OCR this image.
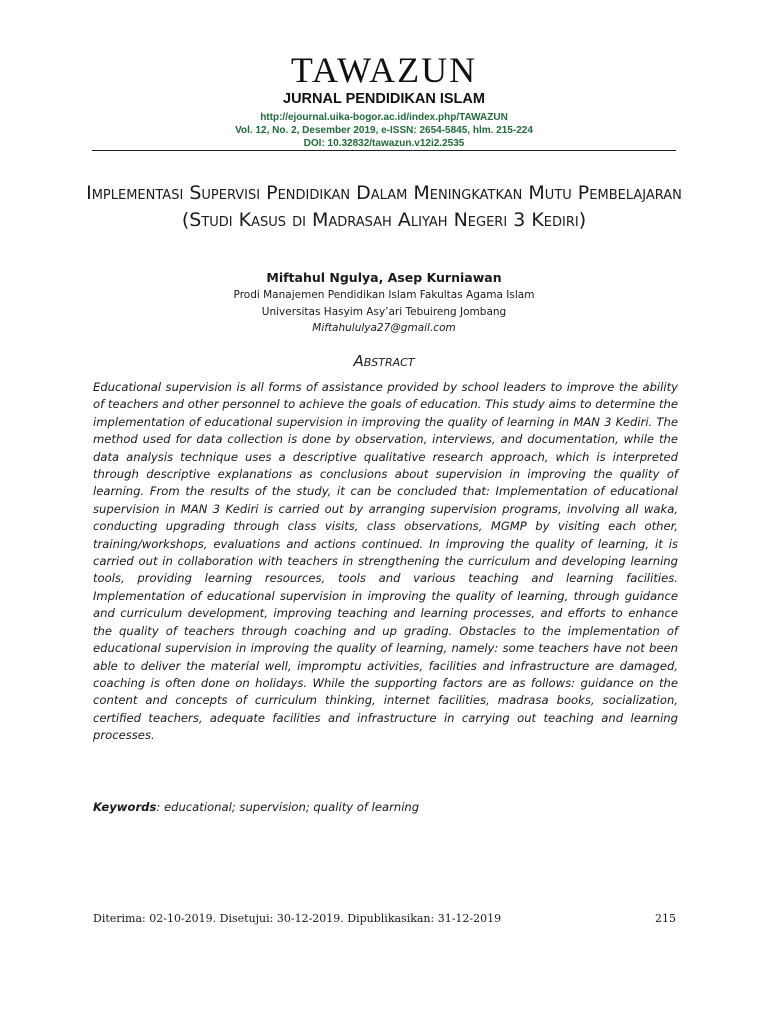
TAWAZUN
JURNAL PENDIDIKAN ISLAM
http://ejournal.uika-bogor.ac.id/index.php/TAWAZUN
Vol. 12, No. 2, Desember 2019, e-ISSN: 2654-5845, hlm. 215-224
DOI: 10.32832/tawazun.v12i2.2535
Implementasi Supervisi Pendidikan Dalam Meningkatkan Mutu Pembelajaran (Studi Kasus di Madrasah Aliyah Negeri 3 Kediri)
Miftahul Ngulya, Asep Kurniawan
Prodi Manajemen Pendidikan Islam Fakultas Agama Islam
Universitas Hasyim Asy’ari Tebuireng Jombang
Miftahululya27@gmail.com
Abstract
Educational supervision is all forms of assistance provided by school leaders to improve the ability of teachers and other personnel to achieve the goals of education. This study aims to determine the implementation of educational supervision in improving the quality of learning in MAN 3 Kediri. The method used for data collection is done by observation, interviews, and documentation, while the data analysis technique uses a descriptive qualitative research approach, which is interpreted through descriptive explanations as conclusions about supervision in improving the quality of learning. From the results of the study, it can be concluded that: Implementation of educational supervision in MAN 3 Kediri is carried out by arranging supervision programs, involving all waka, conducting upgrading through class visits, class observations, MGMP by visiting each other, training/workshops, evaluations and actions continued. In improving the quality of learning, it is carried out in collaboration with teachers in strengthening the curriculum and developing learning tools, providing learning resources, tools and various teaching and learning facilities. Implementation of educational supervision in improving the quality of learning, through guidance and curriculum development, improving teaching and learning processes, and efforts to enhance the quality of teachers through coaching and up grading. Obstacles to the implementation of educational supervision in improving the quality of learning, namely: some teachers have not been able to deliver the material well, impromptu activities, facilities and infrastructure are damaged, coaching is often done on holidays. While the supporting factors are as follows: guidance on the content and concepts of curriculum thinking, internet facilities, madrasa books, socialization, certified teachers, adequate facilities and infrastructure in carrying out teaching and learning processes.
Keywords: educational; supervision; quality of learning
Diterima: 02-10-2019. Disetujui: 30-12-2019. Dipublikasikan: 31-12-2019	215
